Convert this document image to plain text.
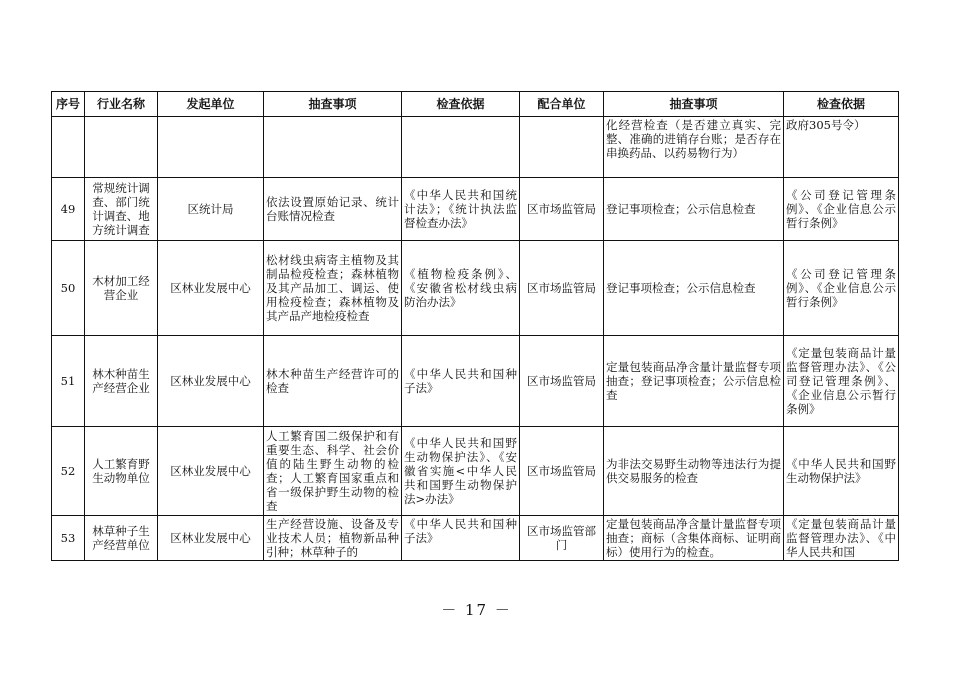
序号	行业名称	发起单位	抽查事项	检查依据	配合单位	抽查事项	检查依据
						化经营检查（是否建立真实、完整、准确的进销存台账；是否存在串换药品、以药易物行为）	政府305号令）
49	常规统计调查、部门统计调查、地方统计调查	区统计局	依法设置原始记录、统计台账情况检查	《中华人民共和国统计法》；《统计执法监督检查办法》	区市场监管局	登记事项检查；公示信息检查	《公司登记管理条例》、《企业信息公示暂行条例》
50	木材加工经营企业	区林业发展中心	松材线虫病寄主植物及其制品检疫检查；森林植物及其产品加工、调运、使用检疫检查；森林植物及其产品产地检疫检查	《植物检疫条例》、《安徽省松材线虫病防治办法》	区市场监管局	登记事项检查；公示信息检查	《公司登记管理条例》、《企业信息公示暂行条例》
51	林木种苗生产经营企业	区林业发展中心	林木种苗生产经营许可的检查	《中华人民共和国种子法》	区市场监管局	定量包装商品净含量计量监督专项抽查；登记事项检查；公示信息检查	《定量包装商品计量监督管理办法》、《公司登记管理条例》、《企业信息公示暂行条例》
52	人工繁育野生动物单位	区林业发展中心	人工繁育国二级保护和有重要生态、科学、社会价值的陆生野生动物的检查；人工繁育国家重点和省一级保护野生动物的检查	《中华人民共和国野生动物保护法》、《安徽省实施<中华人民共和国野生动物保护法>办法》	区市场监管局	为非法交易野生动物等违法行为提供交易服务的检查	《中华人民共和国野生动物保护法》
53	林草种子生产经营单位	区林业发展中心	生产经营设施、设备及专业技术人员；植物新品种引种；林草种子的	《中华人民共和国种子法》	区市场监管部门	定量包装商品净含量计量监督专项抽查；商标（含集体商标、证明商标）使用行为的检查。	《定量包装商品计量监督管理办法》、《中华人民共和国
－ 17 －
